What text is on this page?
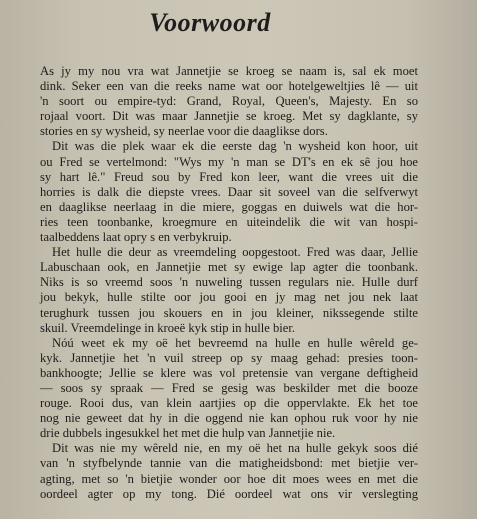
Voorwoord
As jy my nou vra wat Jannetjie se kroeg se naam is, sal ek moet
dink. Seker een van die reeks name wat oor hotelgeweltjies lê — uit
'n soort ou empire-tyd: Grand, Royal, Queen's, Majesty. En so
rojaal voort. Dit was maar Jannetjie se kroeg. Met sy dagklante, sy
stories en sy wysheid, sy neerlae voor die daaglikse dors.
Dit was die plek waar ek die eerste dag 'n wysheid kon hoor, uit
ou Fred se vertelmond: "Wys my 'n man se DT's en ek sê jou hoe
sy hart lê." Freud sou by Fred kon leer, want die vrees uit die
horries is dalk die diepste vrees. Daar sit soveel van die selfverwyt
en daaglikse neerlaag in die miere, goggas en duiwels wat die hor-
ries teen toonbanke, kroegmure en uiteindelik die wit van hospi-
taalbeddens laat opry s en verbykruip.
Het hulle die deur as vreemdeling oopgestoot. Fred was daar, Jellie
Labuschaan ook, en Jannetjie met sy ewige lap agter die toonbank.
Niks is so vreemd soos 'n nuweling tussen regulars nie. Hulle durf
jou bekyk, hulle stilte oor jou gooi en jy mag net jou nek laat
terughurk tussen jou skouers en in jou kleiner, nikssegende stilte
skuil. Vreemdelinge in kroeë kyk stip in hulle bier.
Nóú weet ek my oë het bevreemd na hulle en hulle wêreld ge-
kyk. Jannetjie het 'n vuil streep op sy maag gehad: presies toon-
bankhoogte; Jellie se klere was vol pretensie van vergane deftigheid
— soos sy spraak — Fred se gesig was beskilder met die booze
rouge. Rooi dus, van klein aartjies op die oppervlakte. Ek het toe
nog nie geweet dat hy in die oggend nie kan ophou ruk voor hy nie
drie dubbels ingesukkel het met die hulp van Jannetjie nie.
Dit was nie my wêreld nie, en my oë het na hulle gekyk soos dié
van 'n styfbelynde tannie van die matigheidsbond: met bietjie ver-
agting, met so 'n bietjie wonder oor hoe dit moes wees en met die
oordeel agter op my tong. Dié oordeel wat ons vir verslegting
